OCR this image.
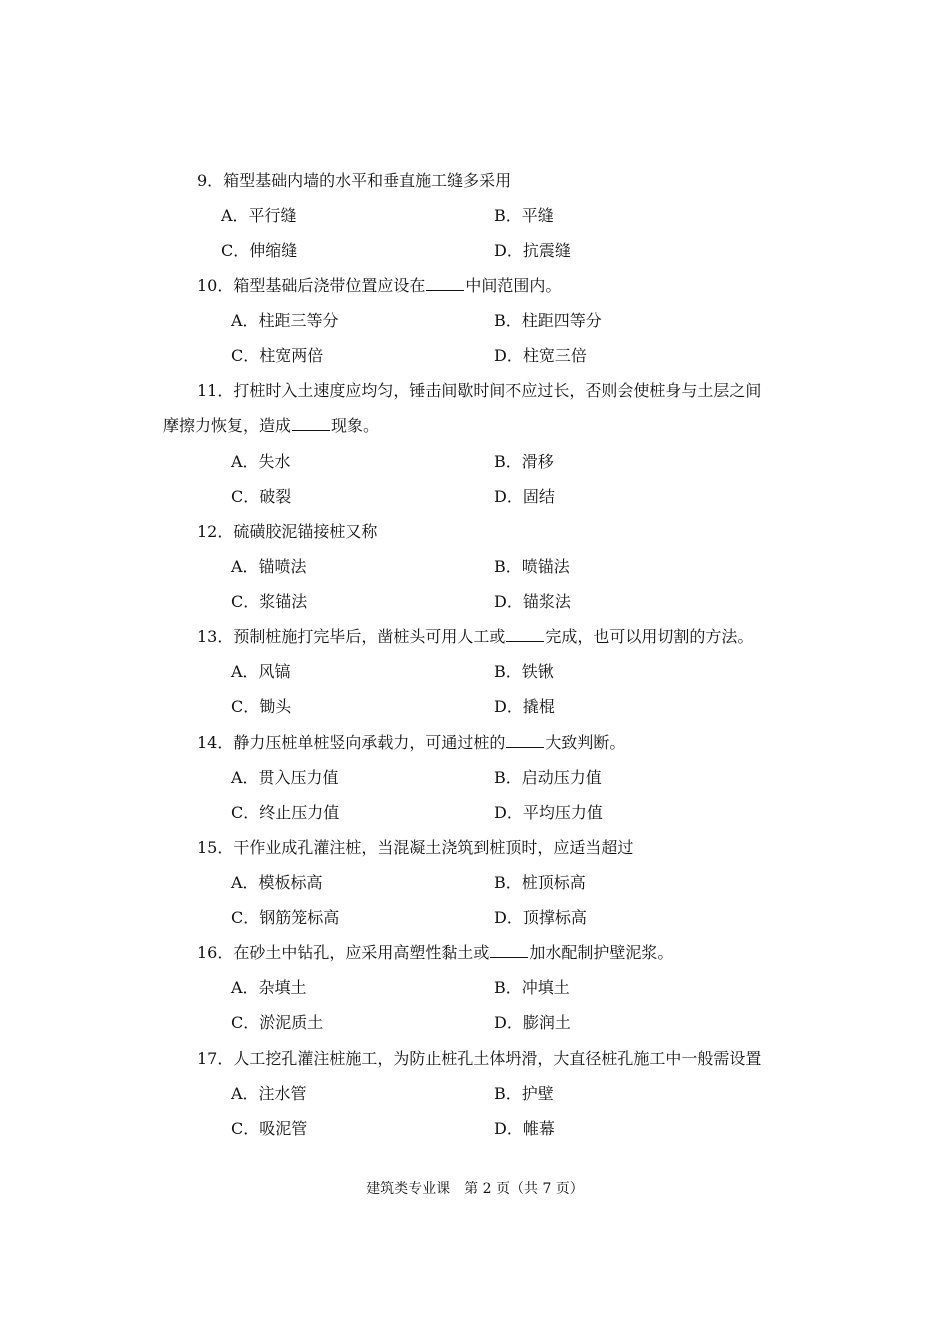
9．箱型基础内墙的水平和垂直施工缝多采用
A．平行缝	B．平缝
C．伸缩缝	D．抗震缝
10．箱型基础后浇带位置应设在	中间范围内。
A．柱距三等分	B．柱距四等分
C．柱宽两倍	D．柱宽三倍
11．打桩时入土速度应均匀，锤击间歇时间不应过长，否则会使桩身与土层之间
摩擦力恢复，造成	现象。
A．失水	B．滑移
C．破裂	D．固结
12．硫磺胶泥锚接桩又称
A．锚喷法	B．喷锚法
C．浆锚法	D．锚浆法
13．预制桩施打完毕后，凿桩头可用人工或	完成，也可以用切割的方法。
A．风镐	B．铁锹
C．锄头	D．撬棍
14．静力压桩单桩竖向承载力，可通过桩的	大致判断。
A．贯入压力值	B．启动压力值
C．终止压力值	D．平均压力值
15．干作业成孔灌注桩，当混凝土浇筑到桩顶时，应适当超过
A．模板标高	B．桩顶标高
C．钢筋笼标高	D．顶撑标高
16．在砂土中钻孔，应采用高塑性黏土或	加水配制护壁泥浆。
A．杂填土	B．冲填土
C．淤泥质土	D．膨润土
17．人工挖孔灌注桩施工，为防止桩孔土体坍滑，大直径桩孔施工中一般需设置
A．注水管	B．护壁
C．吸泥管	D．帷幕
建筑类专业课　第 2 页（共 7 页）
